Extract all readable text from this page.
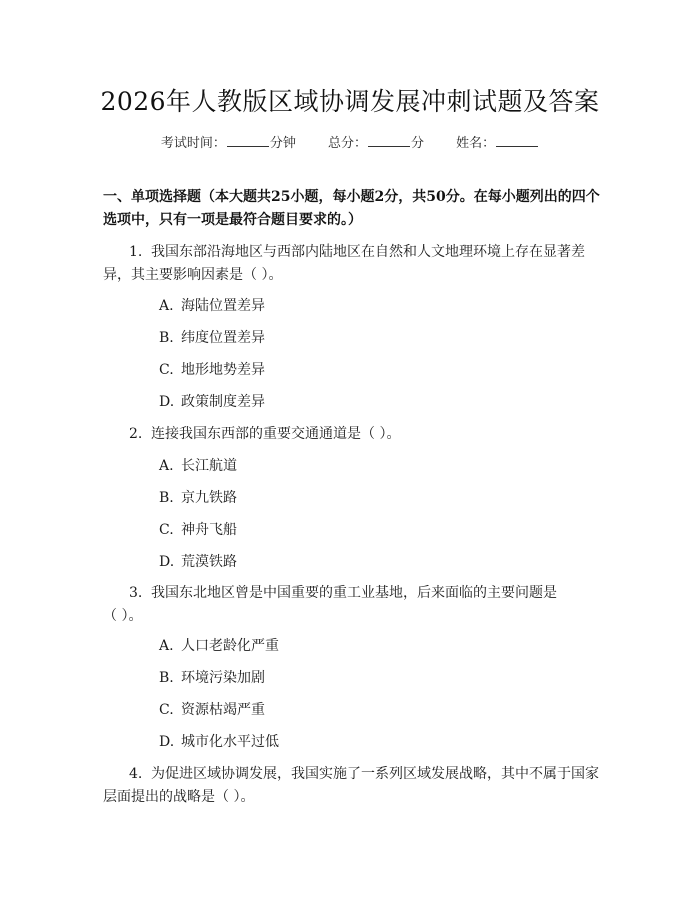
2026年人教版区域协调发展冲刺试题及答案
考试时间：	分钟 总分：	分 姓名：
一、单项选择题（本大题共25小题，每小题2分，共50分。在每小题列出的四个选项中，只有一项是最符合题目要求的。）
1. 我国东部沿海地区与西部内陆地区在自然和人文地理环境上存在显著差
异，其主要影响因素是（ ）。
A. 海陆位置差异
B. 纬度位置差异
C. 地形地势差异
D. 政策制度差异
2. 连接我国东西部的重要交通通道是（ ）。
A. 长江航道
B. 京九铁路
C. 神舟飞船
D. 荒漠铁路
3. 我国东北地区曾是中国重要的重工业基地，后来面临的主要问题是
（ ）。
A. 人口老龄化严重
B. 环境污染加剧
C. 资源枯竭严重
D. 城市化水平过低
4. 为促进区域协调发展，我国实施了一系列区域发展战略，其中不属于国家
层面提出的战略是（ ）。
